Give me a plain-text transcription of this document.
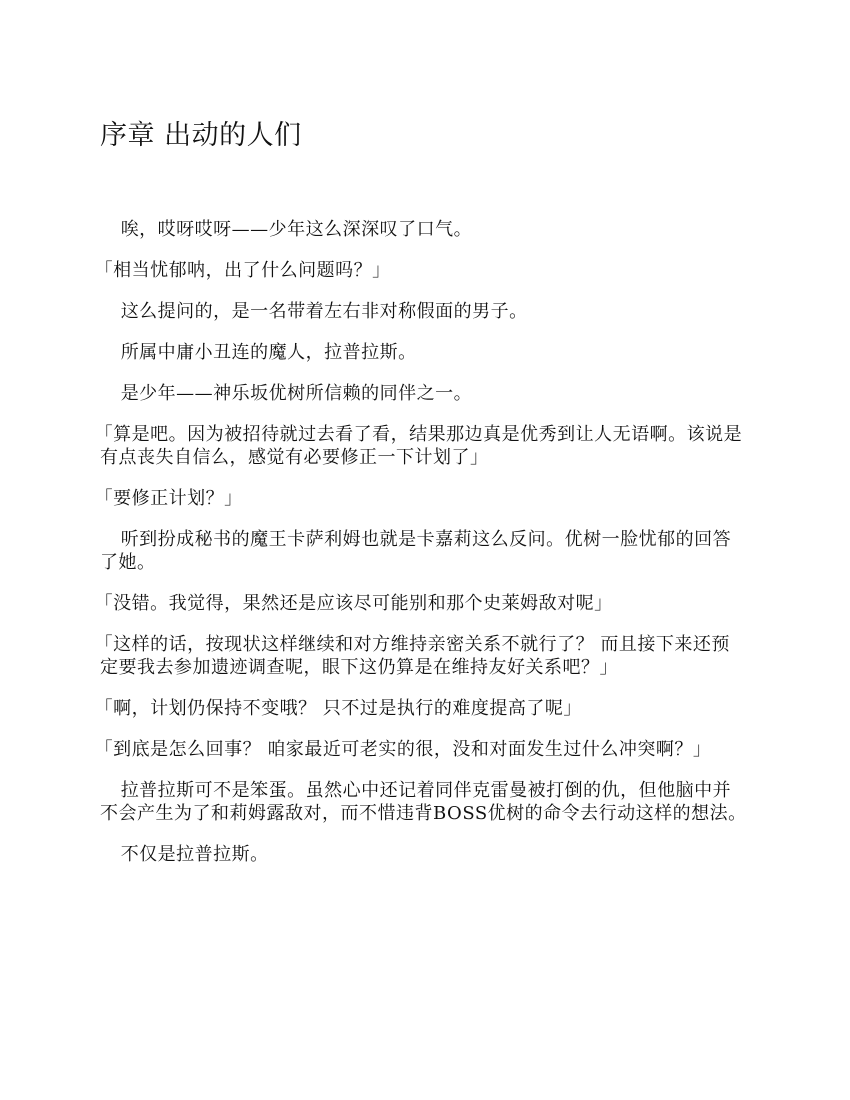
序章 出动的人们

唉，哎呀哎呀——少年这么深深叹了口气。

「相当忧郁呐，出了什么问题吗？」

这么提问的，是一名带着左右非对称假面的男子。

所属中庸小丑连的魔人，拉普拉斯。

是少年——神乐坂优树所信赖的同伴之一。

「算是吧。因为被招待就过去看了看，结果那边真是优秀到让人无语啊。该说是有点丧失自信么，感觉有必要修正一下计划了」

「要修正计划？」

听到扮成秘书的魔王卡萨利姆也就是卡嘉莉这么反问。优树一脸忧郁的回答了她。

「没错。我觉得，果然还是应该尽可能别和那个史莱姆敌对呢」

「这样的话，按现状这样继续和对方维持亲密关系不就行了？ 而且接下来还预定要我去参加遗迹调查呢，眼下这仍算是在维持友好关系吧？」

「啊，计划仍保持不变哦？ 只不过是执行的难度提高了呢」

「到底是怎么回事？ 咱家最近可老实的很，没和对面发生过什么冲突啊？」

拉普拉斯可不是笨蛋。虽然心中还记着同伴克雷曼被打倒的仇，但他脑中并不会产生为了和莉姆露敌对，而不惜违背BOSS优树的命令去行动这样的想法。

不仅是拉普拉斯。
